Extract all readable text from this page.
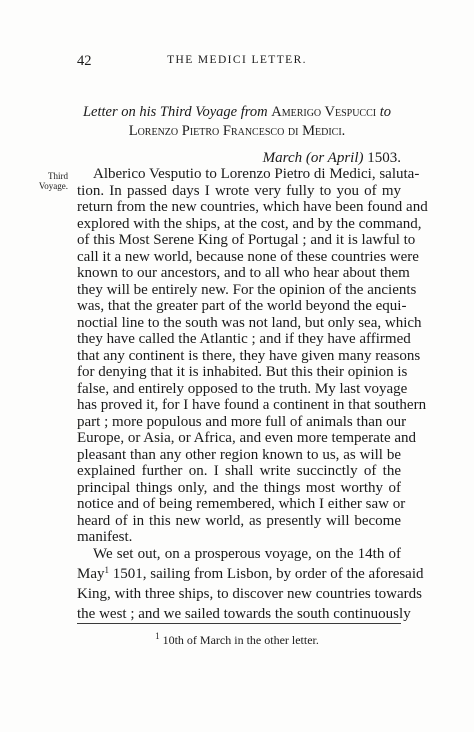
42	THE MEDICI LETTER.
Letter on his Third Voyage from Amerigo Vespucci to
Lorenzo Pietro Francesco di Medici.
March (or April) 1503.
Third
Voyage.
Alberico Vesputio to Lorenzo Pietro di Medici, saluta-
tion. In passed days I wrote very fully to you of my
return from the new countries, which have been found and
explored with the ships, at the cost, and by the command,
of this Most Serene King of Portugal ; and it is lawful to
call it a new world, because none of these countries were
known to our ancestors, and to all who hear about them
they will be entirely new. For the opinion of the ancients
was, that the greater part of the world beyond the equi-
noctial line to the south was not land, but only sea, which
they have called the Atlantic ; and if they have affirmed
that any continent is there, they have given many reasons
for denying that it is inhabited. But this their opinion is
false, and entirely opposed to the truth. My last voyage
has proved it, for I have found a continent in that southern
part ; more populous and more full of animals than our
Europe, or Asia, or Africa, and even more temperate and
pleasant than any other region known to us, as will be
explained further on. I shall write succinctly of the
principal things only, and the things most worthy of
notice and of being remembered, which I either saw or
heard of in this new world, as presently will become
manifest.
We set out, on a prosperous voyage, on the 14th of
May$^1$ 1501, sailing from Lisbon, by order of the aforesaid
King, with three ships, to discover new countries towards
the west ; and we sailed towards the south continuously
$^1$ 10th of March in the other letter.
